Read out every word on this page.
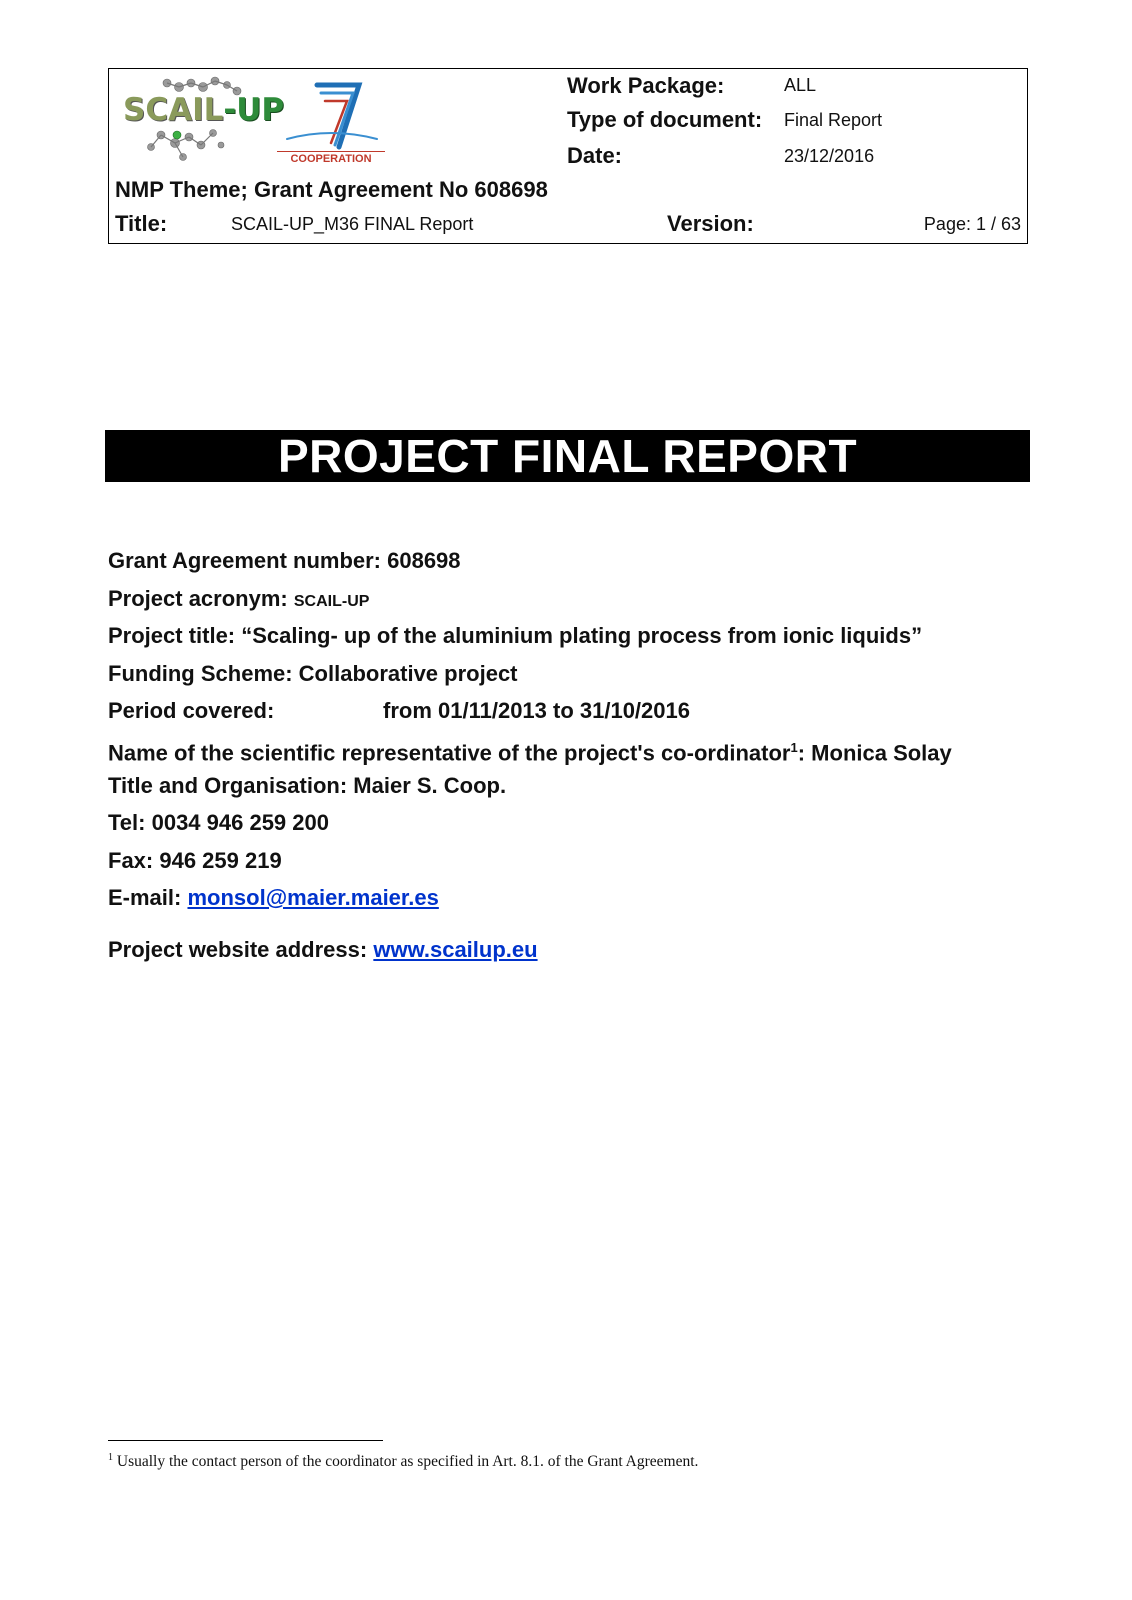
SCAIL-UP
COOPERATION
Work Package:	ALL
Type of document: Final Report
Date:	23/12/2016
NMP Theme; Grant Agreement No 608698
Title:	SCAIL-UP_M36 FINAL Report	Version:	Page: 1 / 63
PROJECT FINAL REPORT
Grant Agreement number: 608698
Project acronym: SCAIL-UP
Project title: “Scaling- up of the aluminium plating process from ionic liquids”
Funding Scheme: Collaborative project
Period covered:	from 01/11/2013 to 31/10/2016
Name of the scientific representative of the project's co-ordinator$^1$: Monica Solay
Title and Organisation: Maier S. Coop.
Tel: 0034 946 259 200
Fax: 946 259 219
E-mail: monsol@maier.maier.es
Project website address: www.scailup.eu
$^1$ Usually the contact person of the coordinator as specified in Art. 8.1. of the Grant Agreement.
